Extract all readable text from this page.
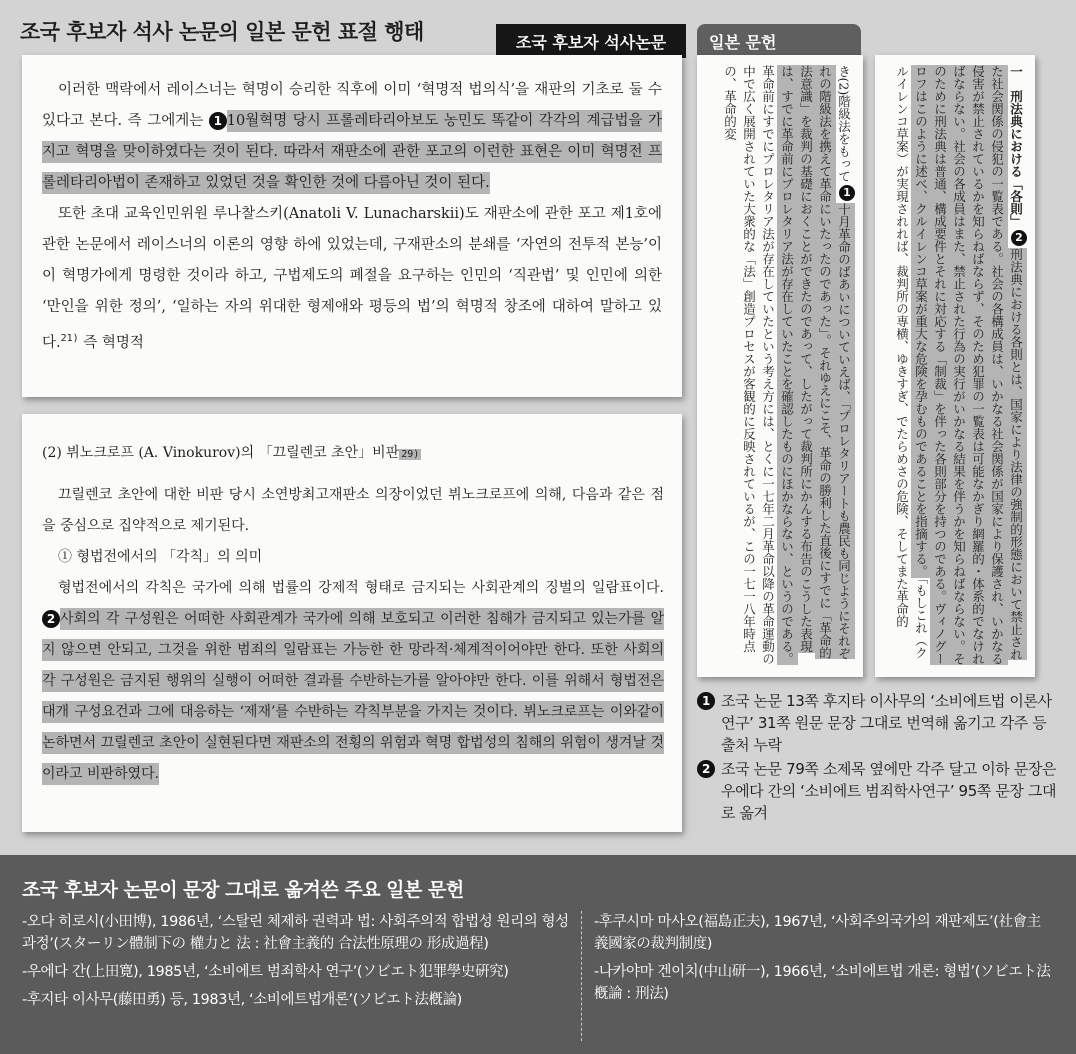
조국 후보자 석사 논문의 일본 문헌 표절 행태	조국 후보자 석사논문	일본 문헌

이러한 맥락에서 레이스너는 혁명이 승리한 직후에 이미 ‘혁명적 법의식’을 재판의 기초로 둘 수 있다고 본다. 즉 그에게는 1 10월혁명 당시 프롤레타리아보도 농민도 똑같이 각각의 계급법을 가지고 혁명을 맞이하였다는 것이 된다. 따라서 재판소에 관한 포고의 이런한 표현은 이미 혁명전 프롤레타리아법이 존재하고 있었던 것을 확인한 것에 다름아닌 것이 된다.

또한 초대 교육인민위원 루나찰스키(Anatoli V. Lunacharskii)도 재판소에 관한 포고 제1호에 관한 논문에서 레이스너의 이론의 영향 하에 있었는데, 구재판소의 분쇄를 ‘자연의 전투적 본능’이 이 혁명가에게 명령한 것이라 하고, 구법제도의 폐절을 요구하는 인민의 ‘직관법’ 및 인민에 의한 ‘만인을 위한 정의’, ‘일하는 자의 위대한 형제애와 평등의 법’의 혁명적 창조에 대하여 말하고 있다.$^{21)}$ 즉 혁명적

(2) 뷔노크로프 (A. Vinokurov)의 「끄릴렌코 초안」비판 29)

끄릴렌코 초안에 대한 비판 당시 소연방최고재판소 의장이었던 뷔노크로프에 의해, 다음과 같은 점을 중심으로 집약적으로 제기된다.

① 형법전에서의 「각칙」의 의미

형법전에서의 각칙은 국가에 의해 법률의 강제적 형태로 금지되는 사회관계의 징벌의 일람표이다.2 사회의 각 구성원은 어떠한 사회관계가 국가에 의해 보호되고 이러한 침해가 금지되고 있는가를 알지 않으면 안되고, 그것을 위한 범죄의 일람표는 가능한 한 망라적·체계적이어야만 한다. 또한 사회의 각 구성원은 금지된 행위의 실행이 어떠한 결과를 수반하는가를 알아야만 한다. 이를 위해서 형법전은 대개 구성요건과 그에 대응하는 ‘제재’를 수반하는 각칙부분을 가지는 것이다. 뷔노크로프는 이와같이 논하면서 끄릴렌코 초안이 실현된다면 재판소의 전횡의 위험과 혁명 합법성의 침해의 위험이 생겨날 것이라고 비판하였다.

き(2)階級法をもって1十月革命のばあいについていえば、「プロレタリアートも農民も同じようにそれぞれの階級法を携えて革命にいたったのであった」。それゆえにこそ、革命の勝利した直後にすでに「革命的法意識」を裁判の基礎におくことができたのであって、したがって裁判所にかんする布告のこうした表現は、すでに革命前にプロレタリア法が存在していたことを確認したものにほかならない、というのである。革命前にすでにプロレタリア法が存在していたという考え方には、とくに一七年二月革命以降の革命運動の中で広く展開されていた大衆的な「法」創造プロセスが客観的に反映されているが、この一七一八年時点の、革命的変	一　刑法典における「各則」2刑法典における各則とは、国家により法律の強制的形態において禁止された社会関係の侵犯の一覧表である。社会の各構成員は、いかなる社会関係が国家により保護され、いかなる侵害が禁止されているかを知らねばならず、そのため犯罪の一覧表は可能なかぎり網羅的・体系的でなければならない。社会の各成員はまた、禁止された行為の実行がいかなる結果を伴うかを知らねばならない。そのために刑法典は普通、構成要件とそれに対応する「制裁」を伴った各則部分を持つのである。ヴィノグーロフはこのように述べ、クルイレンコ草案が重大な危険を孕むものであることを指摘する。「もしこれ（クルイレンコ草案）が実現されれば、裁判所の専横、ゆきすぎ、でたらめさの危険、そしてまた革命的
1 조국 논문 13쪽 후지타 이사무의 ‘소비에트법 이론사 연구’ 31쪽 원문 문장 그대로 번역해 옮기고 각주 등 출처 누락
2 조국 논문 79쪽 소제목 옆에만 각주 달고 이하 문장은 우에다 간의 ‘소비에트 범죄학사연구’ 95쪽 문장 그대로 옮겨
조국 후보자 논문이 문장 그대로 옮겨쓴 주요 일본 문헌
-오다 히로시(小田博), 1986년, ‘스탈린 체제하 권력과 법: 사회주의적 합법성 원리의 형성 과정’(スターリン體制下の 權力と 法 : 社會主義的 合法性原理の 形成過程)
-우에다 간(上田寛), 1985년, ‘소비에트 범죄학사 연구’(ソビエト犯罪學史硏究)
-후지타 이사무(藤田勇) 등, 1983년, ‘소비에트법개론’(ソビエト法槪論)
-후쿠시마 마사오(福島正夫), 1967년, ‘사회주의국가의 재판제도’(社會主義國家の裁判制度)
-나카야마 겐이치(中山研一), 1966년, ‘소비에트법 개론: 형법’(ソビエト法槪論 : 刑法)
